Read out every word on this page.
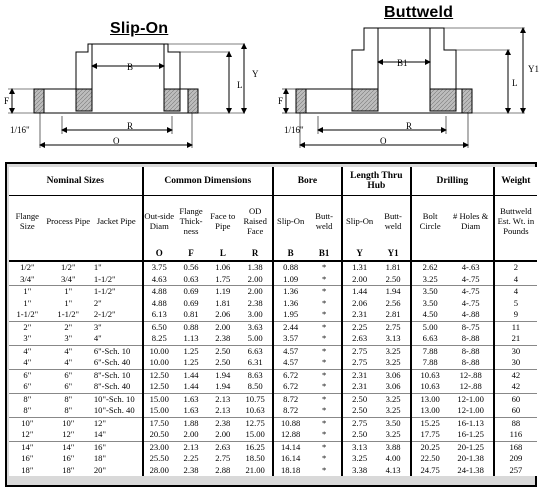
Slip-On
Buttweld
B
Y
L
F
R
O
1/16"
B1
Y1
L
F
R
O
1/16"
Nominal Sizes			Common Dimensions				Bore		Length Thru Hub		Drilling		Weight
Flange Size	Process Pipe	Jacket Pipe	Out-side Diam	Flange Thick-ness	Face to Pipe	OD Raised Face	Slip-On	Butt-weld	Slip-On	Butt-weld	Bolt Circle	# Holes & Diam	Buttweld Est. Wt. in Pounds
			O	F	L	R	B	B1	Y	Y1			
1/2"	1/2"	1"	3.75	0.56	1.06	1.38	0.88	*	1.31	1.81	2.62	4-.63	2
3/4"	3/4"	1-1/2"	4.63	0.63	1.75	2.00	1.09	*	2.00	2.50	3.25	4-.75	4
1"	1"	1-1/2"	4.88	0.69	1.19	2.00	1.36	*	1.44	1.94	3.50	4-.75	4
1"	1"	2"	4.88	0.69	1.81	2.38	1.36	*	2.06	2.56	3.50	4-.75	5
1-1/2"	1-1/2"	2-1/2"	6.13	0.81	2.06	3.00	1.95	*	2.31	2.81	4.50	4-.88	9
2"	2"	3"	6.50	0.88	2.00	3.63	2.44	*	2.25	2.75	5.00	8-.75	11
3"	3"	4"	8.25	1.13	2.38	5.00	3.57	*	2.63	3.13	6.63	8-.88	21
4"	4"	6"-Sch. 10	10.00	1.25	2.50	6.63	4.57	*	2.75	3.25	7.88	8-.88	30
4"	4"	6"-Sch. 40	10.00	1.25	2.50	6.31	4.57	*	2.75	3.25	7.88	8-.88	30
6"	6"	8"-Sch. 10	12.50	1.44	1.94	8.63	6.72	*	2.31	3.06	10.63	12-.88	42
6"	6"	8"-Sch. 40	12.50	1.44	1.94	8.50	6.72	*	2.31	3.06	10.63	12-.88	42
8"	8"	10"-Sch. 10	15.00	1.63	2.13	10.75	8.72	*	2.50	3.25	13.00	12-1.00	60
8"	8"	10"-Sch. 40	15.00	1.63	2.13	10.63	8.72	*	2.50	3.25	13.00	12-1.00	60
10"	10"	12"	17.50	1.88	2.38	12.75	10.88	*	2.75	3.50	15.25	16-1.13	88
12"	12"	14"	20.50	2.00	2.00	15.00	12.88	*	2.50	3.25	17.75	16-1.25	116
14"	14"	16"	23.00	2.13	2.63	16.25	14.14	*	3.13	3.88	20.25	20-1.25	168
16"	16"	18"	25.50	2.25	2.75	18.50	16.14	*	3.25	4.00	22.50	20-1.38	209
18"	18"	20"	28.00	2.38	2.88	21.00	18.18	*	3.38	4.13	24.75	24-1.38	257
